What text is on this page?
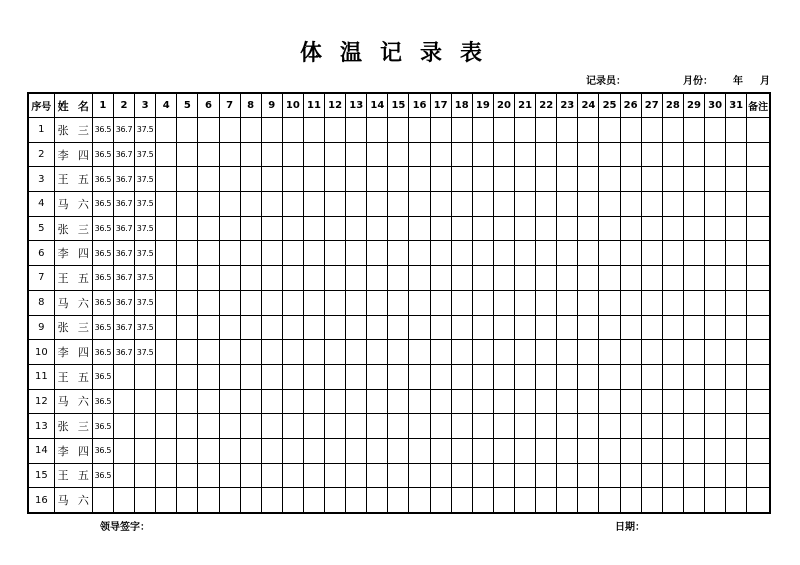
体温记录表
记录员：	月份： 年 月
序号	姓 名	1	2	3	4	5	6	7	8	9	10	11	12	13	14	15	16	17	18	19	20	21	22	23	24	25	26	27	28	29	30	31	备注
1	张 三	36.5	36.7	37.5																													
2	李 四	36.5	36.7	37.5																													
3	王 五	36.5	36.7	37.5																													
4	马 六	36.5	36.7	37.5																													
5	张 三	36.5	36.7	37.5																													
6	李 四	36.5	36.7	37.5																													
7	王 五	36.5	36.7	37.5																													
8	马 六	36.5	36.7	37.5																													
9	张 三	36.5	36.7	37.5																													
10	李 四	36.5	36.7	37.5																													
11	王 五	36.5																															
12	马 六	36.5																															
13	张 三	36.5																															
14	李 四	36.5																															
15	王 五	36.5																															
16	马 六																																

领导签字：	日期：
